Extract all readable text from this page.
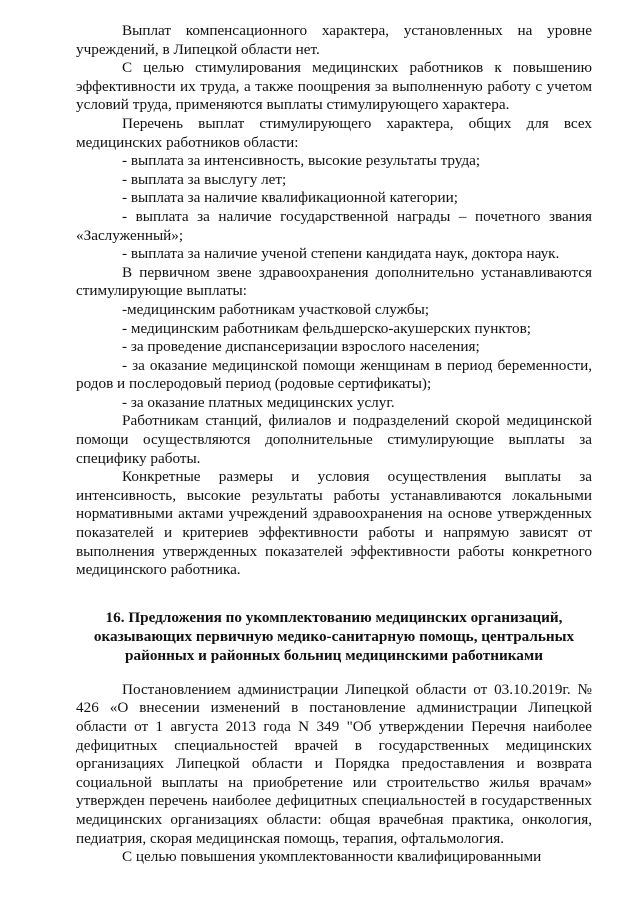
Выплат компенсационного характера, установленных на уровне учреждений, в Липецкой области нет.

С целью стимулирования медицинских работников к повышению эффективности их труда, а также поощрения за выполненную работу с учетом условий труда, применяются выплаты стимулирующего характера.

Перечень выплат стимулирующего характера, общих для всех медицинских работников области:

- выплата за интенсивность, высокие результаты труда;

- выплата за выслугу лет;

- выплата за наличие квалификационной категории;

- выплата за наличие государственной награды – почетного звания «Заслуженный»;

- выплата за наличие ученой степени кандидата наук, доктора наук.

В первичном звене здравоохранения дополнительно устанавливаются стимулирующие выплаты:

-медицинским работникам участковой службы;

- медицинским работникам фельдшерско-акушерских пунктов;

- за проведение диспансеризации взрослого населения;

- за оказание медицинской помощи женщинам в период беременности, родов и послеродовый период (родовые сертификаты);

- за оказание платных медицинских услуг.

Работникам станций, филиалов и подразделений скорой медицинской помощи осуществляются дополнительные стимулирующие выплаты за специфику работы.

Конкретные размеры и условия осуществления выплаты за интенсивность, высокие результаты работы устанавливаются локальными нормативными актами учреждений здравоохранения на основе утвержденных показателей и критериев эффективности работы и напрямую зависят от выполнения утвержденных показателей эффективности работы конкретного медицинского работника.

16. Предложения по укомплектованию медицинских организаций, оказывающих первичную медико-санитарную помощь, центральных районных и районных больниц медицинскими работниками

Постановлением администрации Липецкой области от 03.10.2019г. № 426 «О внесении изменений в постановление администрации Липецкой области от 1 августа 2013 года N 349 "Об утверждении Перечня наиболее дефицитных специальностей врачей в государственных медицинских организациях Липецкой области и Порядка предоставления и возврата социальной выплаты на приобретение или строительство жилья врачам» утвержден перечень наиболее дефицитных специальностей в государственных медицинских организациях области: общая врачебная практика, онкология, педиатрия, скорая медицинская помощь, терапия, офтальмология.

С целью повышения укомплектованности квалифицированными
